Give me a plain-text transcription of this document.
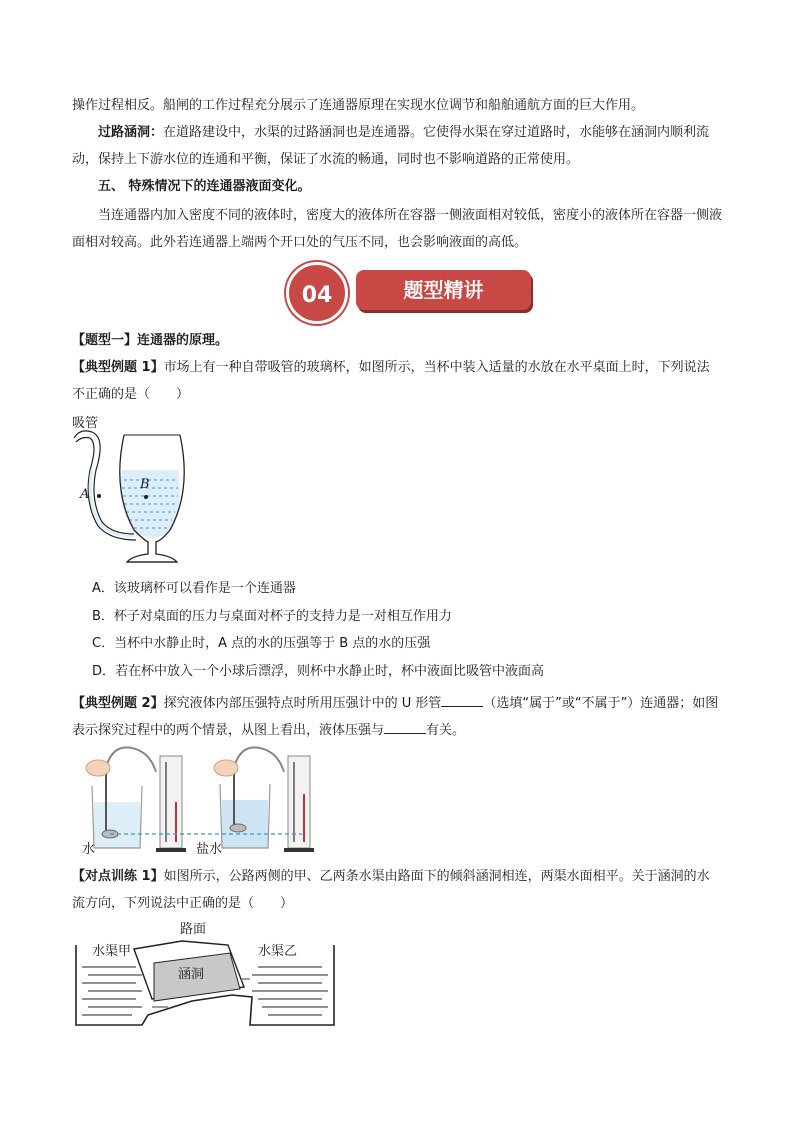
操作过程相反。船闸的工作过程充分展示了连通器原理在实现水位调节和船舶通航方面的巨大作用。
过路涵洞：在道路建设中，水渠的过路涵洞也是连通器。它使得水渠在穿过道路时，水能够在涵洞内顺利流动，保持上下游水位的连通和平衡，保证了水流的畅通，同时也不影响道路的正常使用。
五、 特殊情况下的连通器液面变化。
当连通器内加入密度不同的液体时，密度大的液体所在容器一侧液面相对较低，密度小的液体所在容器一侧液面相对较高。此外若连通器上端两个开口处的气压不同，也会影响液面的高低。
04	题型精讲
【题型一】连通器的原理。
【典型例题 1】市场上有一种自带吸管的玻璃杯，如图所示，当杯中装入适量的水放在水平桌面上时，下列说法不正确的是（　　）
吸管
A
B
A．该玻璃杯可以看作是一个连通器
B．杯子对桌面的压力与桌面对杯子的支持力是一对相互作用力
C．当杯中水静止时，A 点的水的压强等于 B 点的水的压强
D．若在杯中放入一个小球后漂浮，则杯中水静止时，杯中液面比吸管中液面高
【典型例题 2】探究液体内部压强特点时所用压强计中的 U 形管	（选填“属于”或“不属于”）连通器；如图表示探究过程中的两个情景，从图上看出，液体压强与	有关。
水	盐水
【对点训练 1】如图所示，公路两侧的甲、乙两条水渠由路面下的倾斜涵洞相连，两渠水面相平。关于涵洞的水流方向，下列说法中正确的是（　　）
路面
水渠甲	水渠乙
涵洞
